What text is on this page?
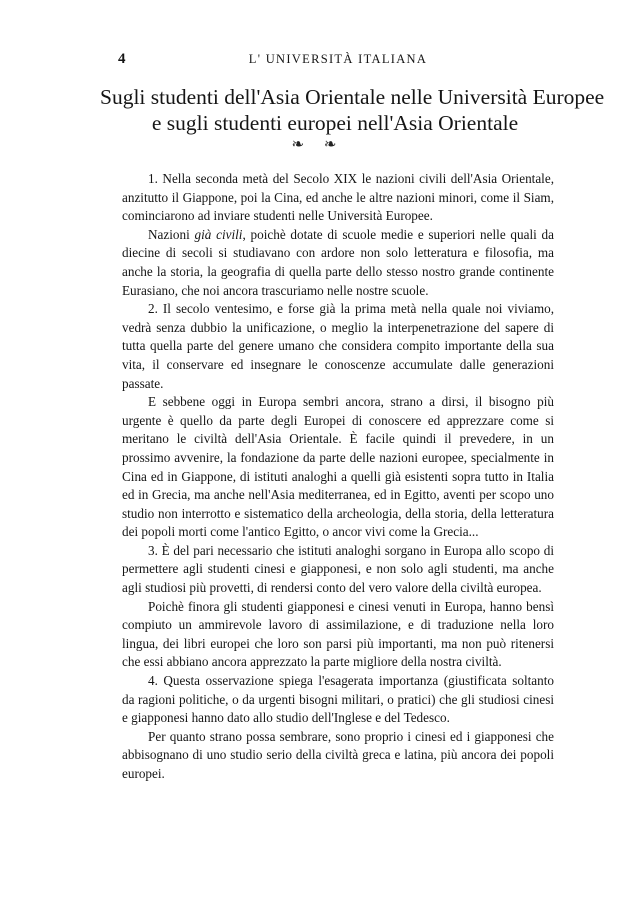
4	L' UNIVERSITÀ ITALIANA
Sugli studenti dell'Asia Orientale nelle Università Europee
e sugli studenti europei nell'Asia Orientale
❧ ❧

1. Nella seconda metà del Secolo XIX le nazioni civili dell'Asia Orientale, anzitutto il Giappone, poi la Cina, ed anche le altre nazioni minori, come il Siam, cominciarono ad inviare studenti nelle Università Europee.

Nazioni già civili, poichè dotate di scuole medie e superiori nelle quali da diecine di secoli si studiavano con ardore non solo letteratura e filosofia, ma anche la storia, la geografia di quella parte dello stesso nostro grande continente Eurasiano, che noi ancora trascuriamo nelle nostre scuole.

2. Il secolo ventesimo, e forse già la prima metà nella quale noi viviamo, vedrà senza dubbio la unificazione, o meglio la interpenetrazione del sapere di tutta quella parte del genere umano che considera compito importante della sua vita, il conservare ed insegnare le conoscenze accumulate dalle generazioni passate.

E sebbene oggi in Europa sembri ancora, strano a dirsi, il bisogno più urgente è quello da parte degli Europei di conoscere ed apprezzare come si meritano le civiltà dell'Asia Orientale. È facile quindi il prevedere, in un prossimo avvenire, la fondazione da parte delle nazioni europee, specialmente in Cina ed in Giappone, di istituti analoghi a quelli già esistenti sopra tutto in Italia ed in Grecia, ma anche nell'Asia mediterranea, ed in Egitto, aventi per scopo uno studio non interrotto e sistematico della archeologia, della storia, della letteratura dei popoli morti come l'antico Egitto, o ancor vivi come la Grecia...

3. È del pari necessario che istituti analoghi sorgano in Europa allo scopo di permettere agli studenti cinesi e giapponesi, e non solo agli studenti, ma anche agli studiosi più provetti, di rendersi conto del vero valore della civiltà europea.

Poichè finora gli studenti giapponesi e cinesi venuti in Europa, hanno bensì compiuto un ammirevole lavoro di assimilazione, e di traduzione nella loro lingua, dei libri europei che loro son parsi più importanti, ma non può ritenersi che essi abbiano ancora apprezzato la parte migliore della nostra civiltà.

4. Questa osservazione spiega l'esagerata importanza (giustificata soltanto da ragioni politiche, o da urgenti bisogni militari, o pratici) che gli studiosi cinesi e giapponesi hanno dato allo studio dell'Inglese e del Tedesco.

Per quanto strano possa sembrare, sono proprio i cinesi ed i giapponesi che abbisognano di uno studio serio della civiltà greca e latina, più ancora dei popoli europei.
